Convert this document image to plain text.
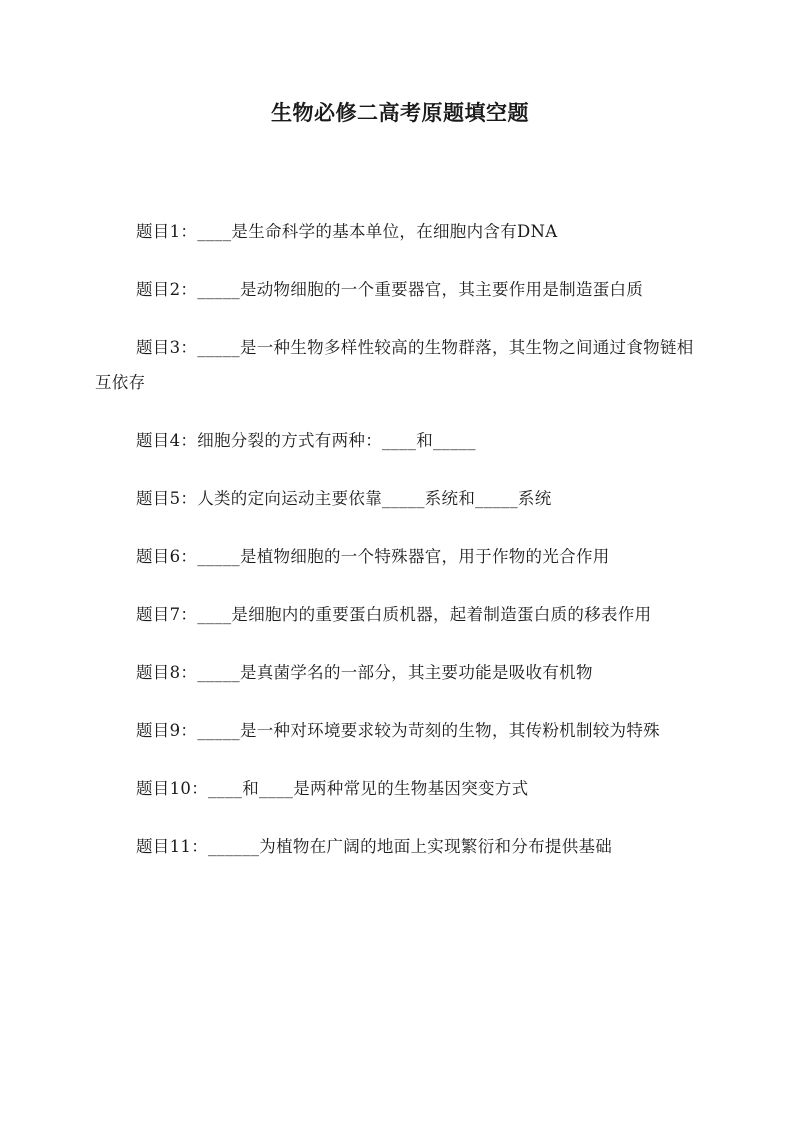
生物必修二高考原题填空题
题目1：____是生命科学的基本单位，在细胞内含有DNA
题目2：_____是动物细胞的一个重要器官，其主要作用是制造蛋白质
题目3：_____是一种生物多样性较高的生物群落，其生物之间通过食物链相互依存
题目4：细胞分裂的方式有两种：____和_____
题目5：人类的定向运动主要依靠_____系统和_____系统
题目6：_____是植物细胞的一个特殊器官，用于作物的光合作用
题目7：____是细胞内的重要蛋白质机器，起着制造蛋白质的移表作用
题目8：_____是真菌学名的一部分，其主要功能是吸收有机物
题目9：_____是一种对环境要求较为苛刻的生物，其传粉机制较为特殊
题目10：____和____是两种常见的生物基因突变方式
题目11：______为植物在广阔的地面上实现繁衍和分布提供基础
